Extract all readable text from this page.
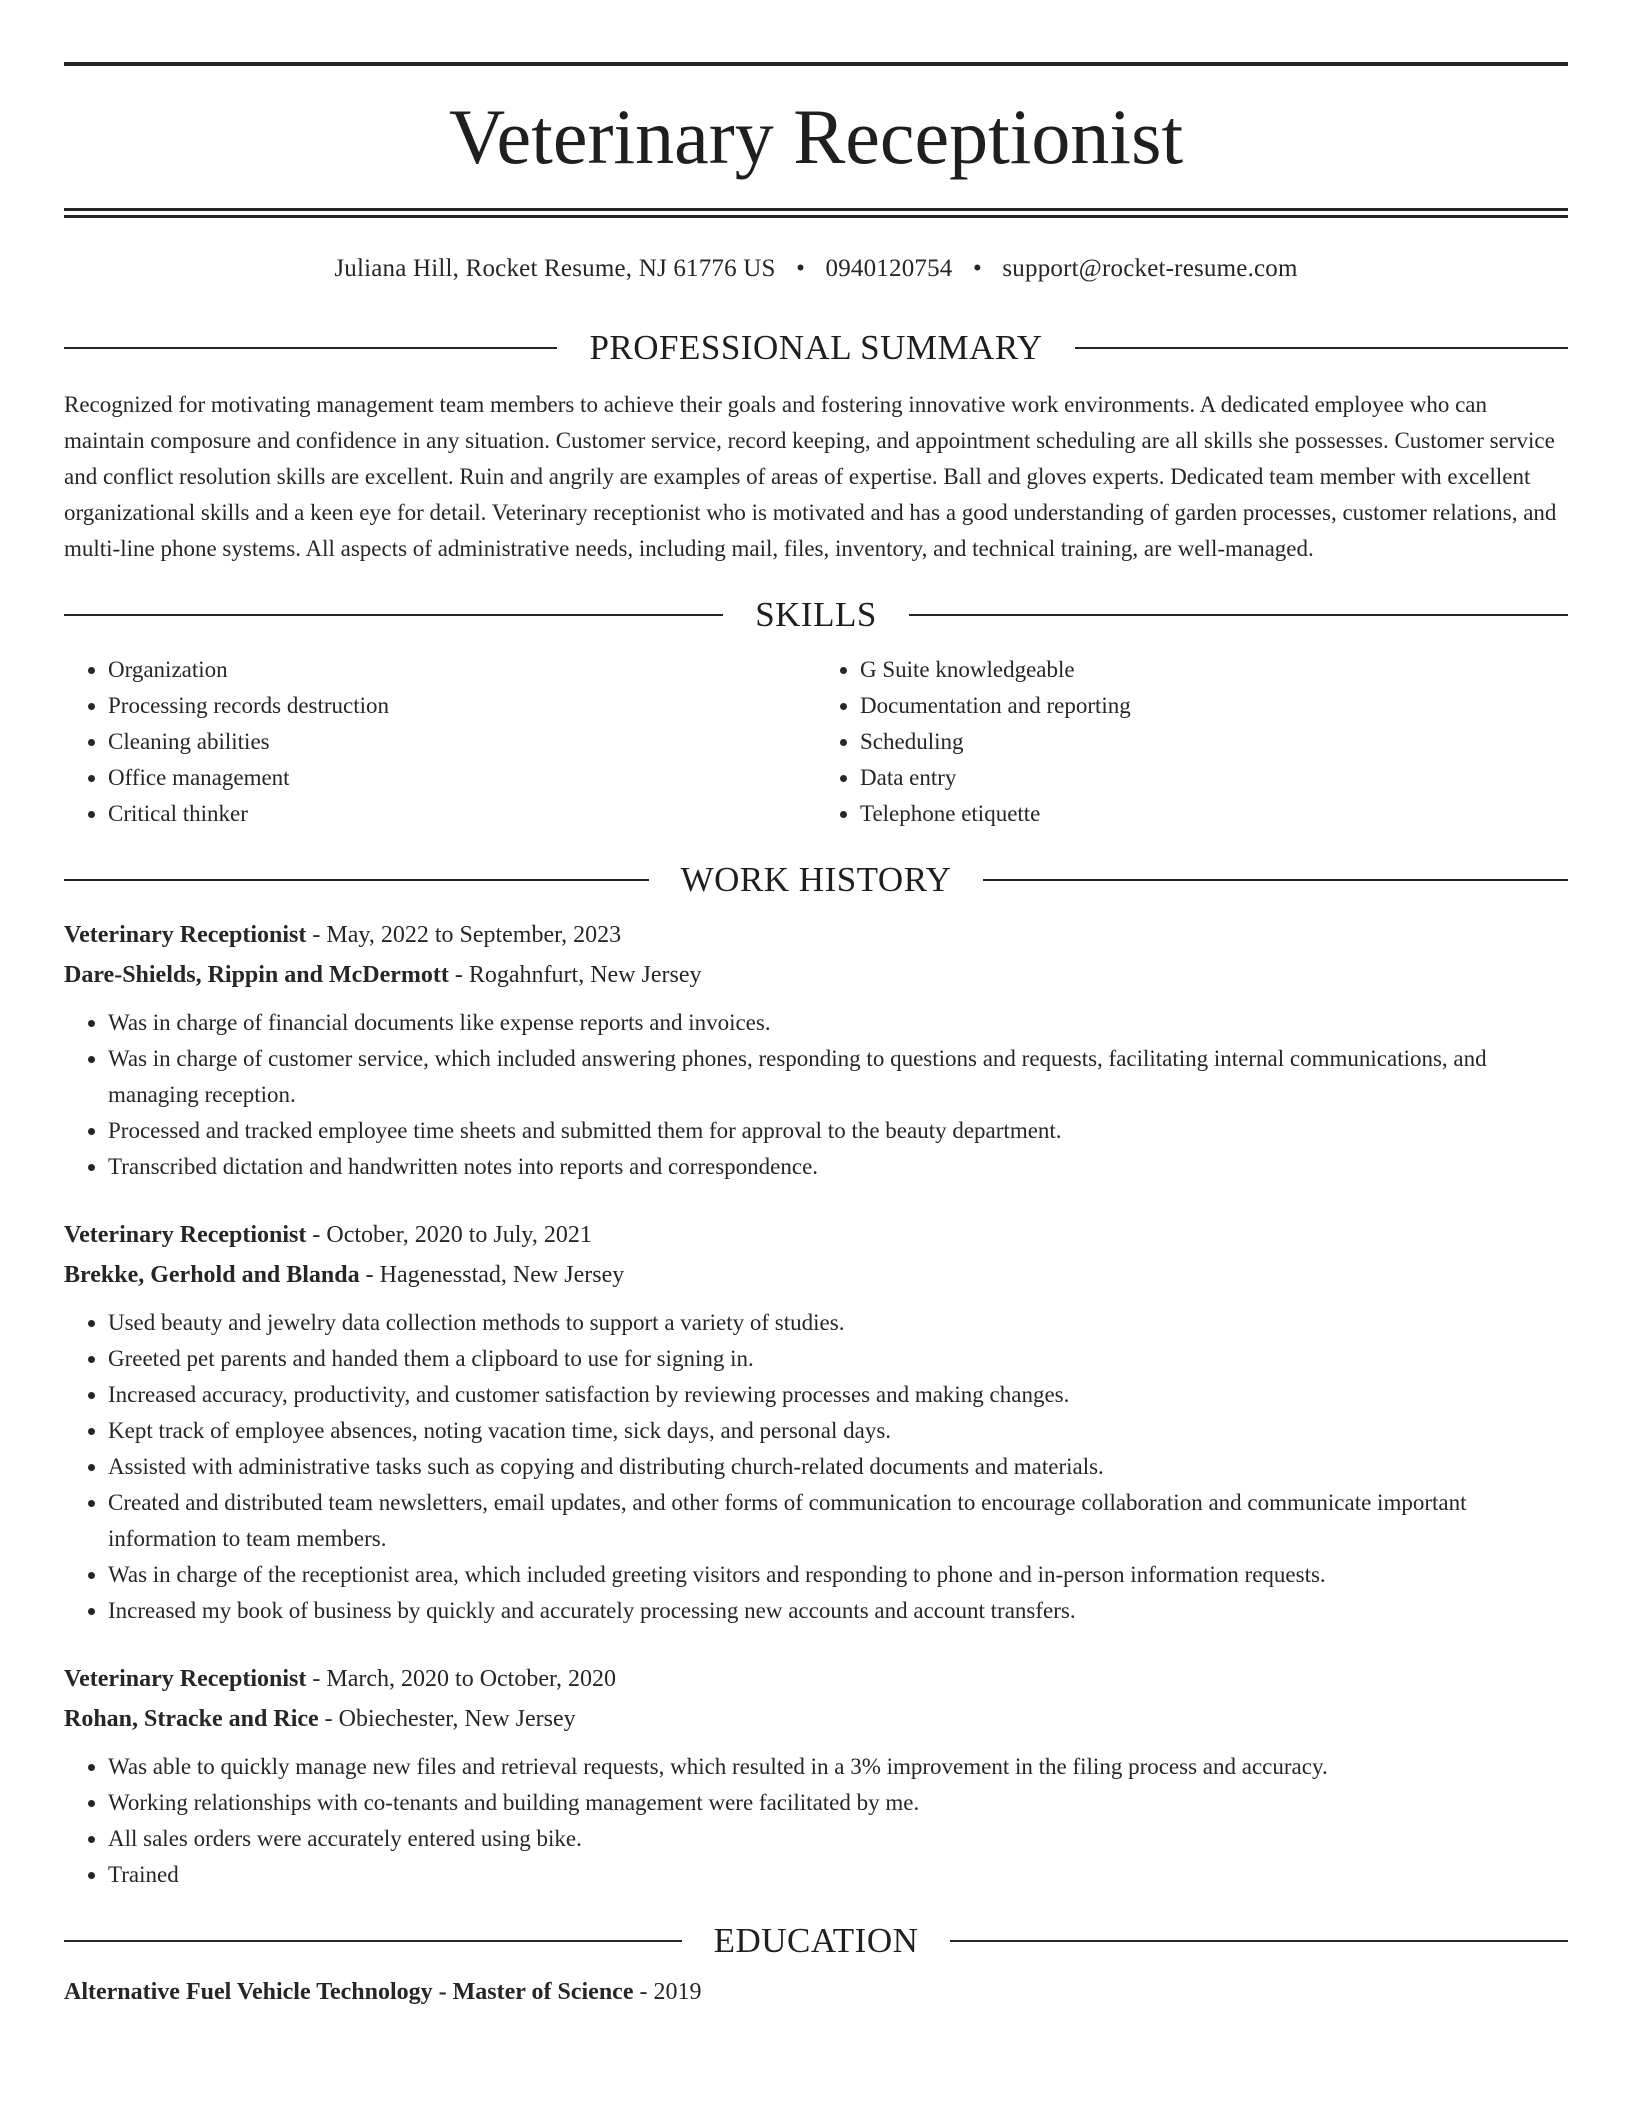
Veterinary Receptionist
Juliana Hill, Rocket Resume, NJ 61776 US • 0940120754 • support@rocket-resume.com
PROFESSIONAL SUMMARY

Recognized for motivating management team members to achieve their goals and fostering innovative work environments. A dedicated employee who can maintain composure and confidence in any situation. Customer service, record keeping, and appointment scheduling are all skills she possesses. Customer service and conflict resolution skills are excellent. Ruin and angrily are examples of areas of expertise. Ball and gloves experts. Dedicated team member with excellent organizational skills and a keen eye for detail. Veterinary receptionist who is motivated and has a good understanding of garden processes, customer relations, and multi-line phone systems. All aspects of administrative needs, including mail, files, inventory, and technical training, are well-managed.

SKILLS
• Organization
• Processing records destruction
• Cleaning abilities
• Office management
• Critical thinker
• G Suite knowledgeable
• Documentation and reporting
• Scheduling
• Data entry
• Telephone etiquette
WORK HISTORY
Veterinary Receptionist - May, 2022 to September, 2023
Dare-Shields, Rippin and McDermott - Rogahnfurt, New Jersey
• Was in charge of financial documents like expense reports and invoices.
• Was in charge of customer service, which included answering phones, responding to questions and requests, facilitating internal communications, and managing reception.
• Processed and tracked employee time sheets and submitted them for approval to the beauty department.
• Transcribed dictation and handwritten notes into reports and correspondence.
Veterinary Receptionist - October, 2020 to July, 2021
Brekke, Gerhold and Blanda - Hagenesstad, New Jersey
• Used beauty and jewelry data collection methods to support a variety of studies.
• Greeted pet parents and handed them a clipboard to use for signing in.
• Increased accuracy, productivity, and customer satisfaction by reviewing processes and making changes.
• Kept track of employee absences, noting vacation time, sick days, and personal days.
• Assisted with administrative tasks such as copying and distributing church-related documents and materials.
• Created and distributed team newsletters, email updates, and other forms of communication to encourage collaboration and communicate important information to team members.
• Was in charge of the receptionist area, which included greeting visitors and responding to phone and in-person information requests.
• Increased my book of business by quickly and accurately processing new accounts and account transfers.
Veterinary Receptionist - March, 2020 to October, 2020
Rohan, Stracke and Rice - Obiechester, New Jersey
• Was able to quickly manage new files and retrieval requests, which resulted in a 3% improvement in the filing process and accuracy.
• Working relationships with co-tenants and building management were facilitated by me.
• All sales orders were accurately entered using bike.
• Trained
EDUCATION
Alternative Fuel Vehicle Technology - Master of Science - 2019
